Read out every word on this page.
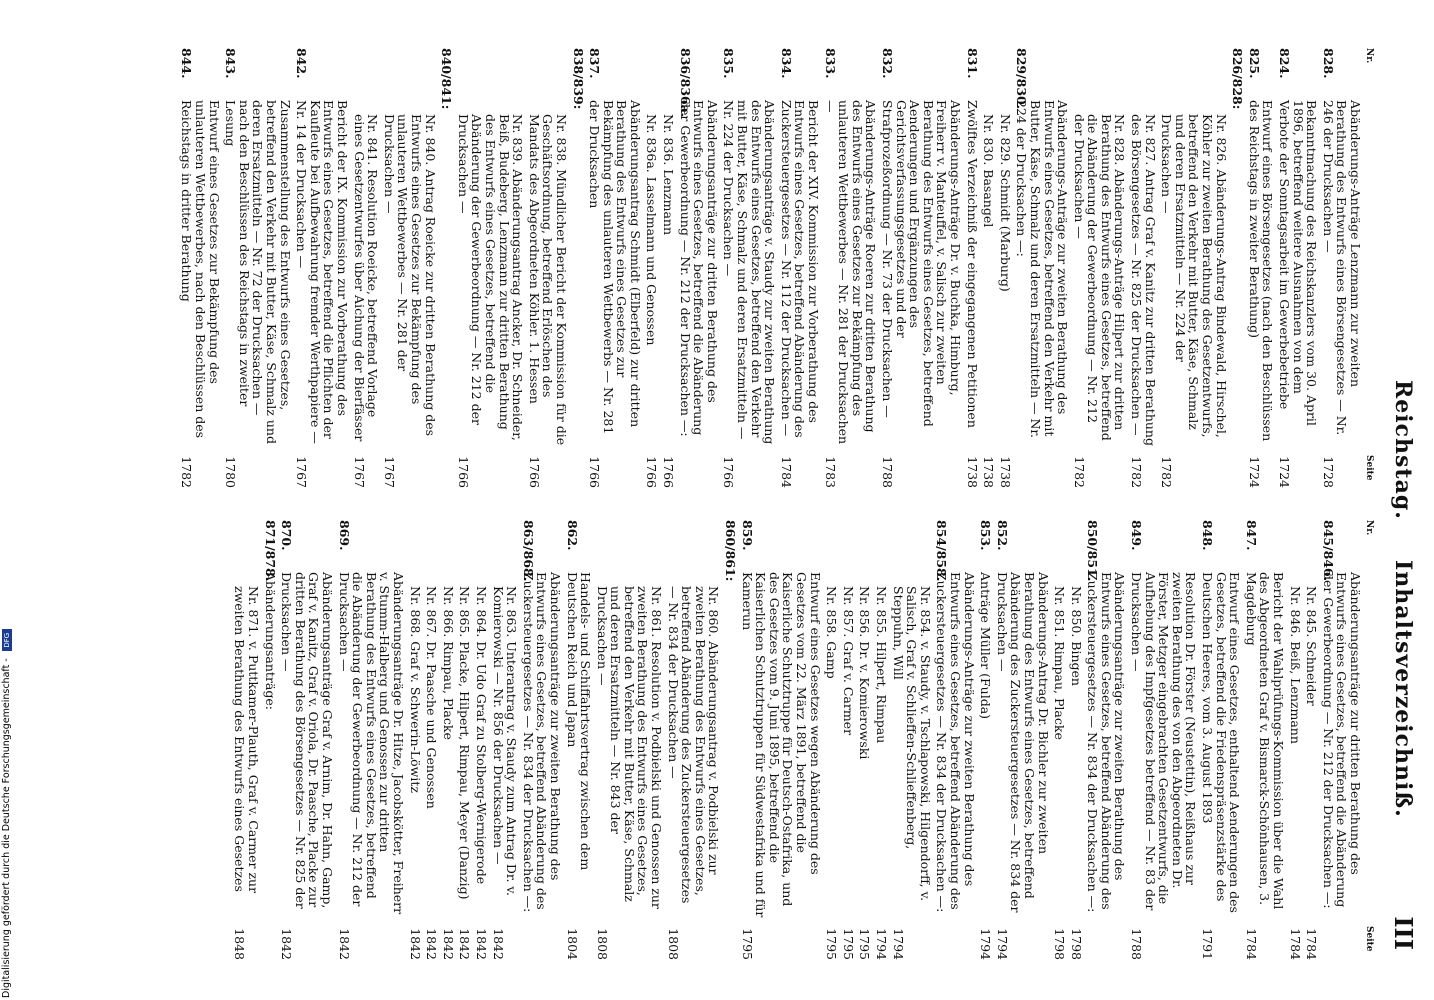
Reichstag.
Inhaltsverzeichniß.
III
Nr.
Seite
Nr.
Seite
828.
Abänderungs-Anträge Lenzmann zur zweiten Berathung des Entwurfs eines Börsengesetzes — Nr. 246 der Drucksachen —
1728
824.
Bekanntmachung des Reichskanzlers vom 30. April 1896, betreffend weitere Ausnahmen von dem Verbote der Sonntagsarbeit im Gewerbebetriebe
1724
825.
Entwurf eines Börsengesetzes (nach den Beschlüssen des Reichstags in zweiter Berathung)
1724
826/828:
Nr. 826. Abänderungs-Antrag Bindewald, Hirschel, Köhler zur zweiten Berathung des Gesetzentwurfs, betreffend den Verkehr mit Butter, Käse, Schmalz und deren Ersatzmitteln — Nr. 224 der Drucksachen —
1782
Nr. 827. Antrag Graf v. Kanitz zur dritten Berathung des Börsengesetzes — Nr. 825 der Drucksachen —
1782
Nr. 828. Abänderungs-Anträge Hilpert zur dritten Berathung des Entwurfs eines Gesetzes, betreffend die Abänderung der Gewerbeordnung — Nr. 212 der Drucksachen —
1782
829/830.
Abänderungs-Anträge zur zweiten Berathung des Entwurfs eines Gesetzes, betreffend den Verkehr mit Butter, Käse, Schmalz und deren Ersatzmitteln — Nr. 224 der Drucksachen —:
Nr. 829. Schmidt (Marburg)
1738
Nr. 830. Basangel
1738
831.
Zwölftes Verzeichniß der eingegangenen Petitionen
1738
832.
Abänderungs-Anträge Dr. v. Buchka, Himburg, Freiherr v. Manteuffel, v. Salisch zur zweiten Berathung des Entwurfs eines Gesetzes, betreffend Aenderungen und Ergänzungen des Gerichtsverfassungsgesetzes und der Strafprozeßordnung — Nr. 73 der Drucksachen —
1788
833.
Abänderungs-Anträge Roeren zur dritten Berathung des Entwurfs eines Gesetzes zur Bekämpfung des unlauteren Wettbewerbes — Nr. 281 der Drucksachen —
1783
834.
Bericht der XIV. Kommission zur Vorberathung des Entwurfs eines Gesetzes, betreffend Abänderung des Zuckersteuergesetzes — Nr. 112 der Drucksachen —
1784
835.
Abänderungsanträge v. Staudy zur zweiten Berathung des Entwurfs eines Gesetzes, betreffend den Verkehr mit Butter, Käse, Schmalz und deren Ersatzmitteln — Nr. 224 der Drucksachen —
1766
836/836a.
Abänderungsanträge zur dritten Berathung des Entwurfs eines Gesetzes, betreffend die Abänderung der Gewerbeordnung — Nr. 212 der Drucksachen —:
Nr. 836. Lenzmann
1766
Nr. 836a. Lasselmann und Genossen
1766
837.
Abänderungsantrag Schmidt (Elberfeld) zur dritten Berathung des Entwurfs eines Gesetzes zur Bekämpfung des unlauteren Wettbewerbs — Nr. 281 der Drucksachen
1766
838/839:
Nr. 838. Mündlicher Bericht der Kommission für die Geschäftsordnung, betreffend Erlöschen des Mandats des Abgeordneten Köhler. 1. Hessen
1766
Nr. 839. Abänderungsantrag Ancker, Dr. Schneider, Beiß, Budeberg, Lenzmann zur dritten Berathung des Entwurfs eines Gesetzes, betreffend die Abänderung der Gewerbeordnung — Nr. 212 der Drucksachen —
1766
840/841:
Nr. 840. Antrag Roeicke zur dritten Berathung des Entwurfs eines Gesetzes zur Bekämpfung des unlauteren Wettbewerbes — Nr. 281 der Drucksachen —
1767
Nr. 841. Resolution Roeicke, betreffend Vorlage eines Gesetzentwurfes über Aichung der Bierfässer
1767
842.
Bericht der IX. Kommission zur Vorberathung des Entwurfs eines Gesetzes, betreffend die Pflichten der Kaufleute bei Aufbewahrung fremder Werthpapiere — Nr. 14 der Drucksachen —
1767
843.
Zusammenstellung des Entwurfs eines Gesetzes, betreffend den Verkehr mit Butter, Käse, Schmalz und deren Ersatzmitteln — Nr. 72 der Drucksachen — nach den Beschlüssen des Reichstags in zweiter Lesung
1780
844.
Entwurf eines Gesetzes zur Bekämpfung des unlauteren Wettbewerbes, nach den Beschlüssen des Reichstags in dritter Berathung
1782
845/846.
Abänderungsanträge zur dritten Berathung des Entwurfs eines Gesetzes, betreffend die Abänderung der Gewerbeordnung — Nr. 212 der Drucksachen —:
Nr. 845. Schneider
1784
Nr. 846. Beiß, Lenzmann
1784
847.
Bericht der Wahlprüfungs-Kommission über die Wahl des Abgeordneten Graf v. Bismarck-Schönhausen, 3. Magdeburg
1784
848.
Entwurf eines Gesetzes, enthaltend Aenderungen des Gesetzes, betreffend die Friedenspräsenzstärke des Deutschen Heeres, vom 3. August 1893
1791
849.
Resolution Dr. Förster (Neustettin), Reißhaus zur zweiten Berathung des von den Abgeordneten Dr. Förster, Metzger eingebrachten Gesetzentwurfs, die Aufhebung des Impfgesetzes betreffend — Nr. 83 der Drucksachen —
1788
850/851.
Abänderungsanträge zur zweiten Berathung des Entwurfs eines Gesetzes, betreffend Abänderung des Zuckersteuergesetzes — Nr. 834 der Drucksachen —:
Nr. 850. Bingen
1798
Nr. 851. Rimpau, Placke
1798
852.
Abänderungs-Antrag Dr. Bichler zur zweiten Berathung des Entwurfs eines Gesetzes, betreffend Abänderung des Zuckersteuergesetzes — Nr. 834 der Drucksachen —
1794
853.
Anträge Müller (Fulda)
1794
854/858.
Abänderungs-Anträge zur zweiten Berathung des Entwurfs eines Gesetzes, betreffend Abänderung des Zuckersteuergesetzes — Nr. 834 der Drucksachen —:
Nr. 854. v. Staudy, v. Tschlapowski, Hilgendorff, v. Salisch, Graf v. Schlieffen-Schlieffenberg, Steppuhn, Will
1794
Nr. 855. Hilpert, Rimpau
1794
Nr. 856. Dr. v. Komierowski
1795
Nr. 857. Graf v. Carmer
1795
Nr. 858. Gamp
1795
859.
Entwurf eines Gesetzes wegen Abänderung des Gesetzes vom 22. März 1891, betreffend die Kaiserliche Schutztruppe für Deutsch-Ostafrika, und des Gesetzes vom 9. Juni 1895, betreffend die Kaiserlichen Schutztruppen für Südwestafrika und für Kamerun
1795
860/861:
Nr. 860. Abänderungsantrag v. Podbielski zur zweiten Berathung des Entwurfs eines Gesetzes, betreffend Abänderung des Zuckersteuergesetzes — Nr. 834 der Drucksachen —
1808
Nr. 861. Resolution v. Podbielski und Genossen zur zweiten Berathung des Entwurfs eines Gesetzes, betreffend den Verkehr mit Butter, Käse, Schmalz und deren Ersatzmitteln — Nr. 843 der Drucksachen —
1808
862.
Handels- und Schiffahrtsvertrag zwischen dem Deutschen Reich und Japan
1804
863/868.
Abänderungsanträge zur zweiten Berathung des Entwurfs eines Gesetzes, betreffend Abänderung des Zuckersteuergesetzes — Nr. 834 der Drucksachen —:
Nr. 863. Unterantrag v. Staudy zum Antrag Dr. v. Komierowski — Nr. 856 der Drucksachen —
1842
Nr. 864. Dr. Udo Graf zu Stolberg-Wernigerode
1842
Nr. 865. Placke, Hilpert, Rimpau, Meyer (Danzig)
1842
Nr. 866. Rimpau, Placke
1842
Nr. 867. Dr. Paasche und Genossen
1842
Nr. 868. Graf v. Schwerin-Löwitz
1842
869.
Abänderungsanträge Dr. Hitze, Jacobskötter, Freiherr v. Stumm-Halberg und Genossen zur dritten Berathung des Entwurfs eines Gesetzes, betreffend die Abänderung der Gewerbeordnung — Nr. 212 der Drucksachen —
1842
870.
Abänderungsanträge Graf v. Arnim, Dr. Hahn, Gamp, Graf v. Kanitz, Graf v. Oriola, Dr. Paasche, Placke zur dritten Berathung des Börsengesetzes — Nr. 825 der Drucksachen —
1842
871/878.
Abänderungsanträge:
Nr. 871. v. Puttkamer-Plauth, Graf v. Carmer zur zweiten Berathung des Entwurfs eines Gesetzes
1848
Digitalisierung gefördert durch die Deutsche Forschungsgemeinschaft - DFG
